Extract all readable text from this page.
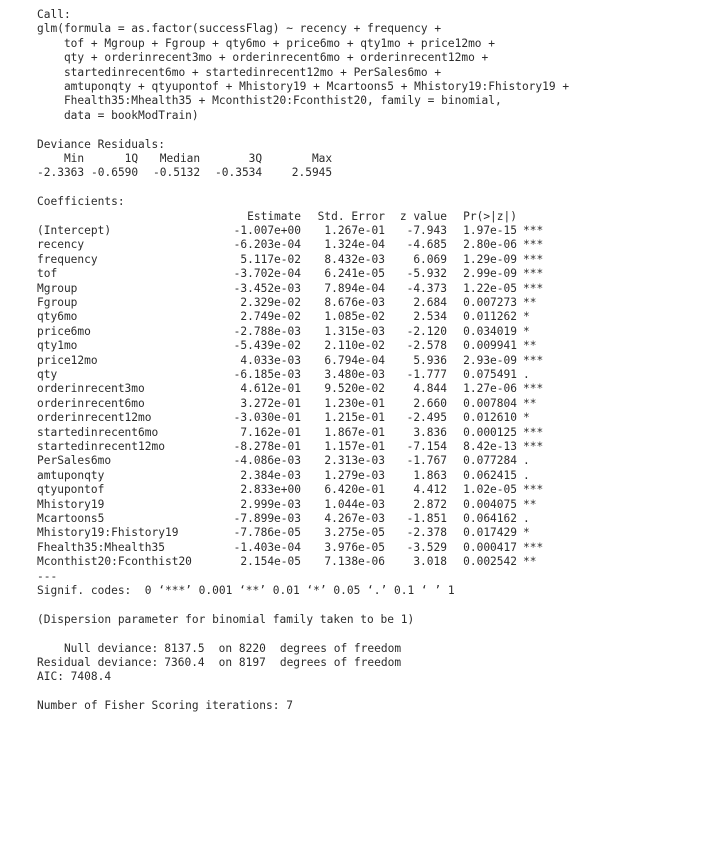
Call:
glm(formula = as.factor(successFlag) ~ recency + frequency +
tof + Mgroup + Fgroup + qty6mo + price6mo + qty1mo + price12mo +
qty + orderinrecent3mo + orderinrecent6mo + orderinrecent12mo +
startedinrecent6mo + startedinrecent12mo + PerSales6mo +
amtuponqty + qtyupontof + Mhistory19 + Mcartoons5 + Mhistory19:Fhistory19 +
Fhealth35:Mhealth35 + Mconthist20:Fconthist20, family = binomial,
data = bookModTrain)
Deviance Residuals:
Min	1Q	Median	3Q	Max
-2.3363	-0.6590	-0.5132	-0.3534	2.5945
Coefficients:
	Estimate	Std. Error	z value	Pr(>|z|)	
(Intercept)	-1.007e+00	1.267e-01	-7.943	1.97e-15	***
recency	-6.203e-04	1.324e-04	-4.685	2.80e-06	***
frequency	5.117e-02	8.432e-03	6.069	1.29e-09	***
tof	-3.702e-04	6.241e-05	-5.932	2.99e-09	***
Mgroup	-3.452e-03	7.894e-04	-4.373	1.22e-05	***
Fgroup	2.329e-02	8.676e-03	2.684	0.007273	**
qty6mo	2.749e-02	1.085e-02	2.534	0.011262	*
price6mo	-2.788e-03	1.315e-03	-2.120	0.034019	*
qty1mo	-5.439e-02	2.110e-02	-2.578	0.009941	**
price12mo	4.033e-03	6.794e-04	5.936	2.93e-09	***
qty	-6.185e-03	3.480e-03	-1.777	0.075491	.
orderinrecent3mo	4.612e-01	9.520e-02	4.844	1.27e-06	***
orderinrecent6mo	3.272e-01	1.230e-01	2.660	0.007804	**
orderinrecent12mo	-3.030e-01	1.215e-01	-2.495	0.012610	*
startedinrecent6mo	7.162e-01	1.867e-01	3.836	0.000125	***
startedinrecent12mo	-8.278e-01	1.157e-01	-7.154	8.42e-13	***
PerSales6mo	-4.086e-03	2.313e-03	-1.767	0.077284	.
amtuponqty	2.384e-03	1.279e-03	1.863	0.062415	.
qtyupontof	2.833e+00	6.420e-01	4.412	1.02e-05	***
Mhistory19	2.999e-03	1.044e-03	2.872	0.004075	**
Mcartoons5	-7.899e-03	4.267e-03	-1.851	0.064162	.
Mhistory19:Fhistory19	-7.786e-05	3.275e-05	-2.378	0.017429	*
Fhealth35:Mhealth35	-1.403e-04	3.976e-05	-3.529	0.000417	***
Mconthist20:Fconthist20	2.154e-05	7.138e-06	3.018	0.002542	**
---
Signif. codes:  0 ‘***’ 0.001 ‘**’ 0.01 ‘*’ 0.05 ‘.’ 0.1 ‘ ’ 1
(Dispersion parameter for binomial family taken to be 1)
Null deviance:	8137.5	on 8220	degrees of freedom
Residual deviance:	7360.4	on 8197	degrees of freedom
AIC: 7408.4
Number of Fisher Scoring iterations: 7
